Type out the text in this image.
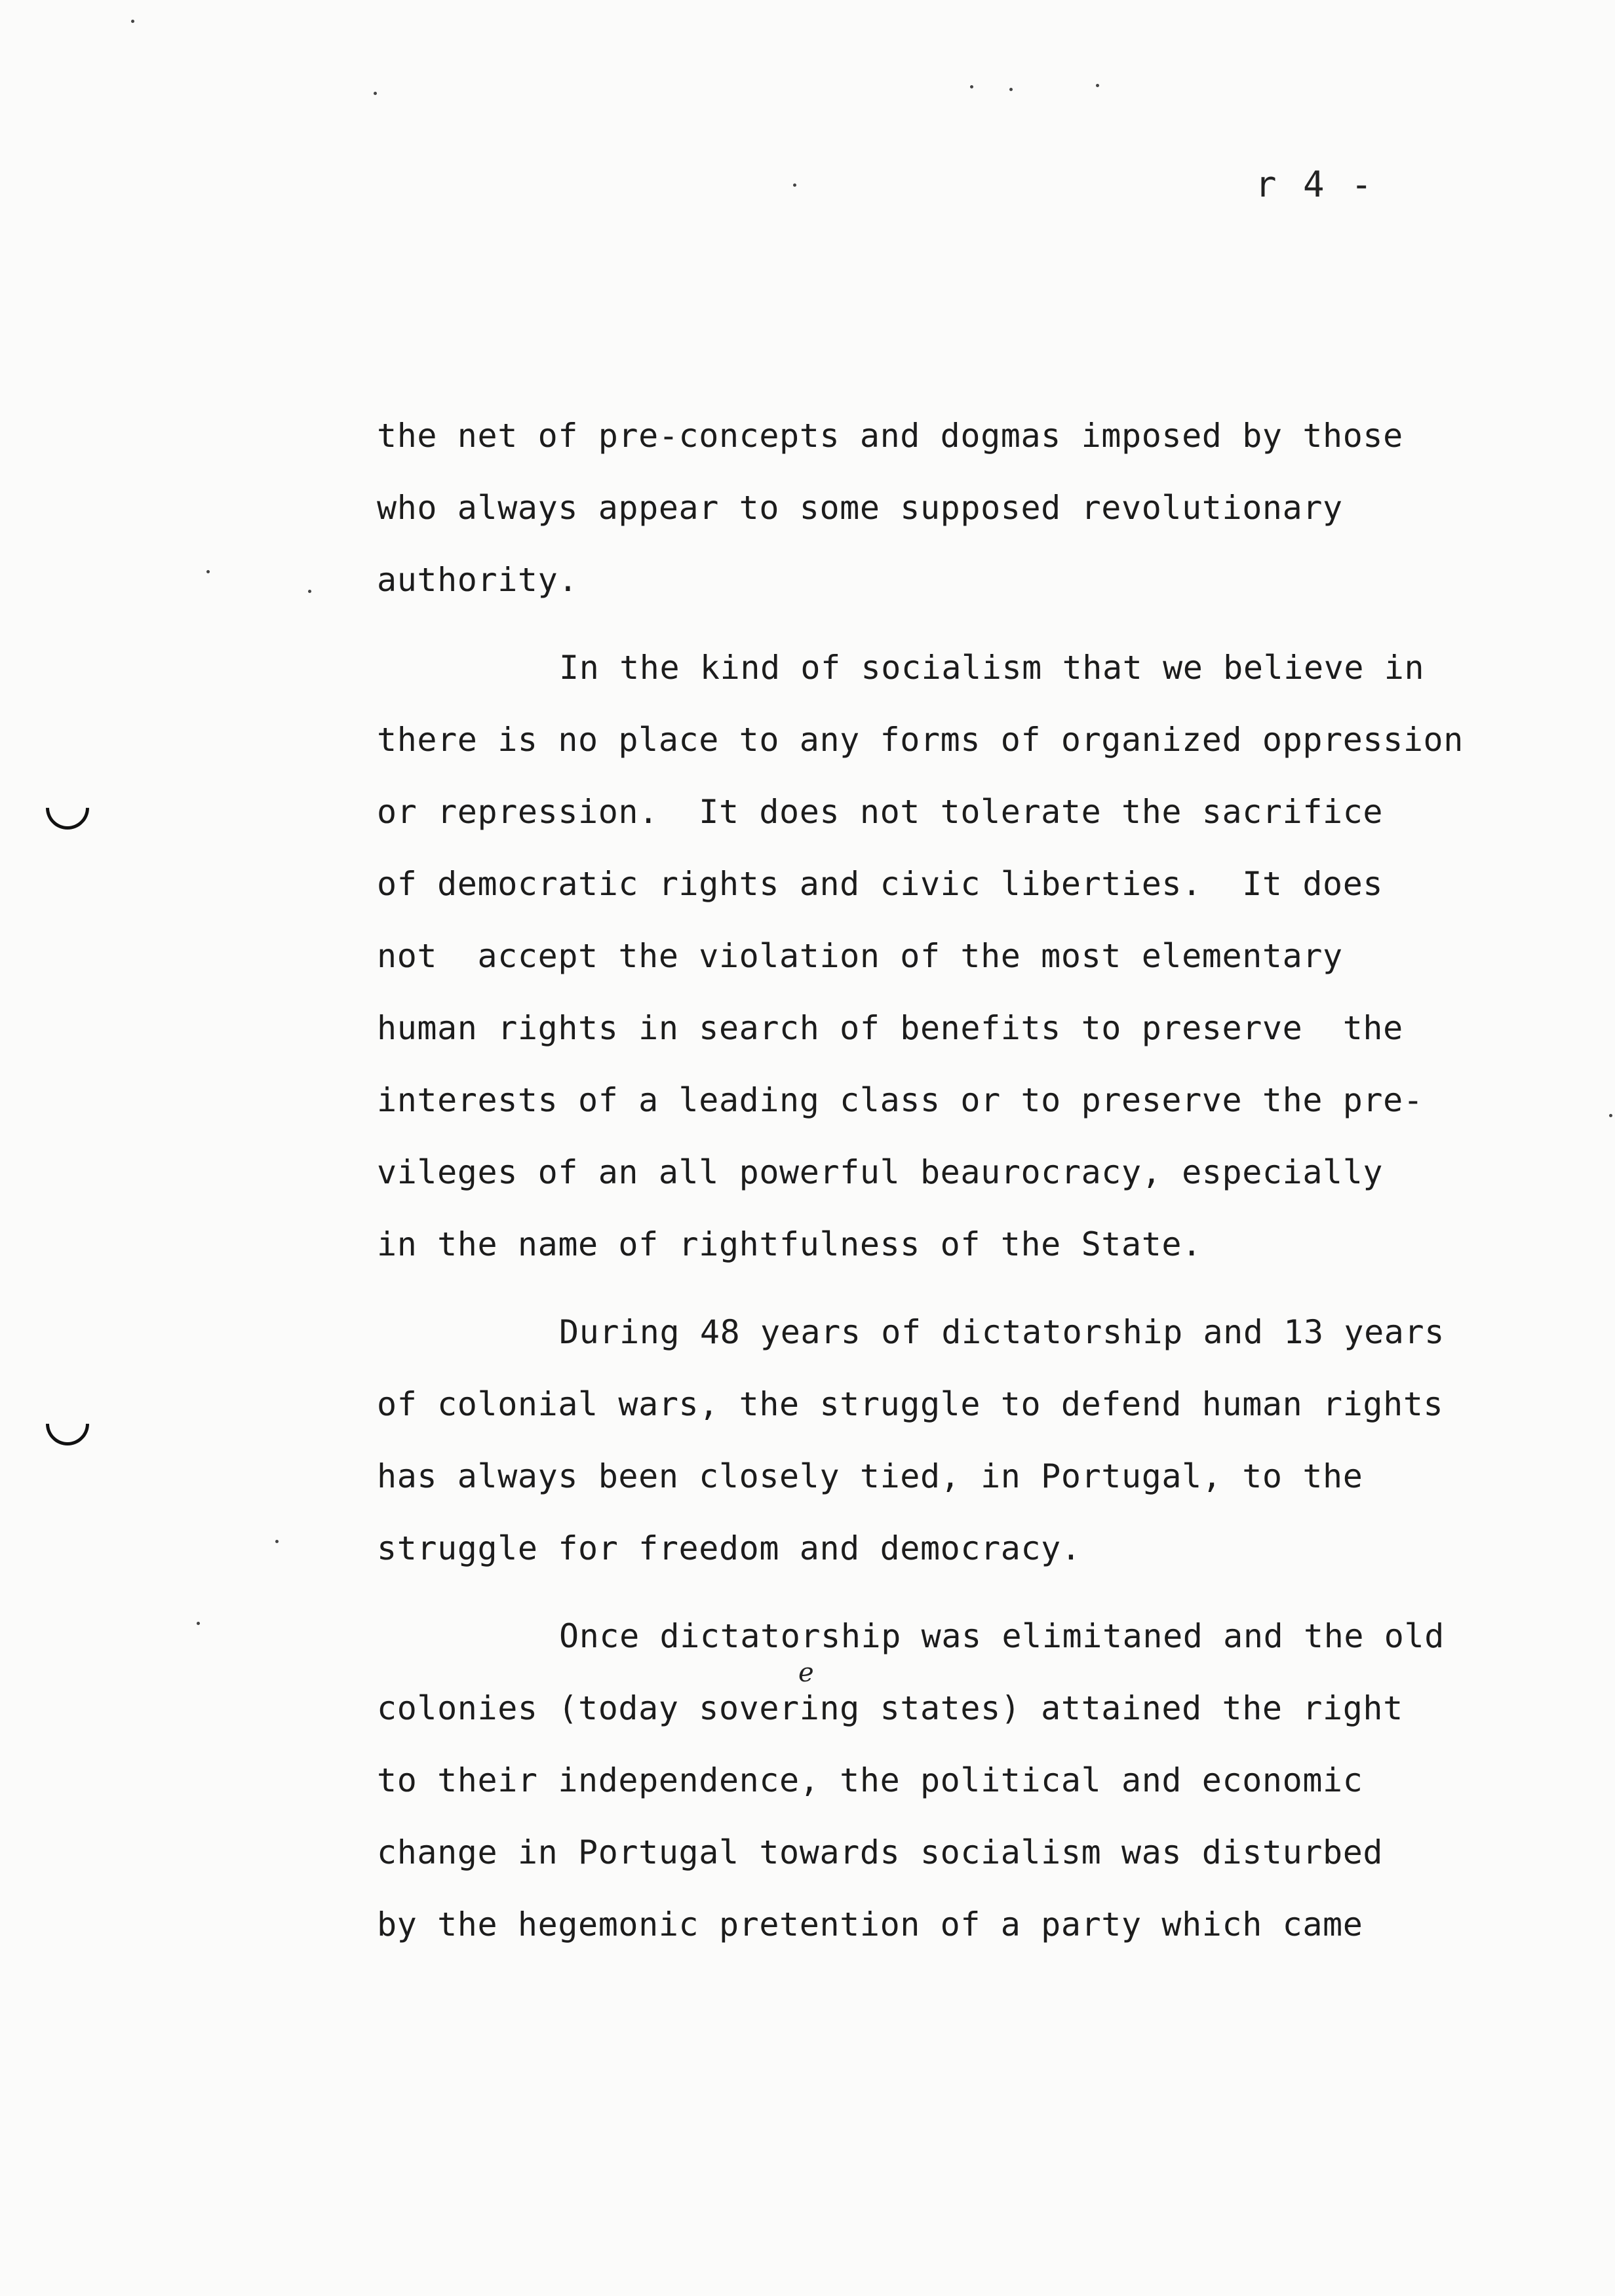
r 4 -
the net of pre-concepts and dogmas imposed by those
who always appear to some supposed revolutionary
authority.
In the kind of socialism that we believe in
there is no place to any forms of organized oppression
or repression.  It does not tolerate the sacrifice
of democratic rights and civic liberties.  It does
not  accept the violation of the most elementary
human rights in search of benefits to preserve  the
interests of a leading class or to preserve the pre-
vileges of an all powerful beaurocracy, especially
in the name of rightfulness of the State.
During 48 years of dictatorship and 13 years
of colonial wars, the struggle to defend human rights
has always been closely tied, in Portugal, to the
struggle for freedom and democracy.
Once dictatorship was elimitaned and the old
colonies (today sovering states) attained the right
to their independence, the political and economic
change in Portugal towards socialism was disturbed
by the hegemonic pretention of a party which came
e
